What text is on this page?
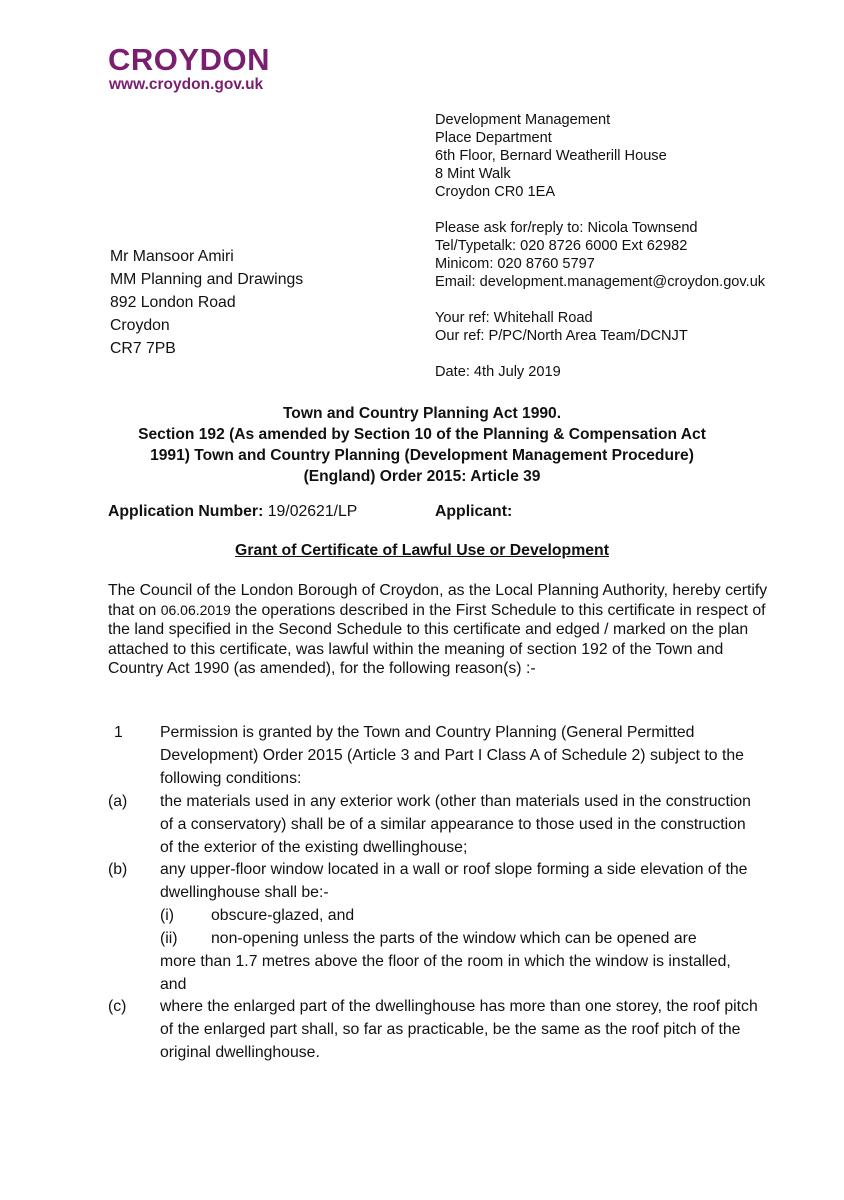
CROYDON
www.croydon.gov.uk
Development Management
Place Department
6th Floor, Bernard Weatherill House
8 Mint Walk
Croydon CR0 1EA
Please ask for/reply to: Nicola Townsend
Tel/Typetalk: 020 8726 6000 Ext 62982
Minicom: 020 8760 5797
Email: development.management@croydon.gov.uk
Your ref: Whitehall Road
Our ref: P/PC/North Area Team/DCNJT
Date: 4th July 2019
Mr Mansoor Amiri
MM Planning and Drawings
892 London Road
Croydon
CR7 7PB
Town and Country Planning Act 1990.
Section 192 (As amended by Section 10 of the Planning & Compensation Act
1991) Town and Country Planning (Development Management Procedure)
(England) Order 2015: Article 39
Application Number: 19/02621/LP	Applicant:
Grant of Certificate of Lawful Use or Development
The Council of the London Borough of Croydon, as the Local Planning Authority, hereby certify that on 06.06.2019 the operations described in the First Schedule to this certificate in respect of the land specified in the Second Schedule to this certificate and edged / marked on the plan attached to this certificate, was lawful within the meaning of section 192 of the Town and Country Act 1990 (as amended), for the following reason(s) :-
1 Permission is granted by the Town and Country Planning (General Permitted Development) Order 2015 (Article 3 and Part I Class A of Schedule 2) subject to the following conditions:
(a) the materials used in any exterior work (other than materials used in the construction of a conservatory) shall be of a similar appearance to those used in the construction of the exterior of the existing dwellinghouse;
(b) any upper-floor window located in a wall or roof slope forming a side elevation of the dwellinghouse shall be:-
(i) obscure-glazed, and
(ii) non-opening unless the parts of the window which can be opened are
more than 1.7 metres above the floor of the room in which the window is installed, and
(c) where the enlarged part of the dwellinghouse has more than one storey, the roof pitch of the enlarged part shall, so far as practicable, be the same as the roof pitch of the original dwellinghouse.
